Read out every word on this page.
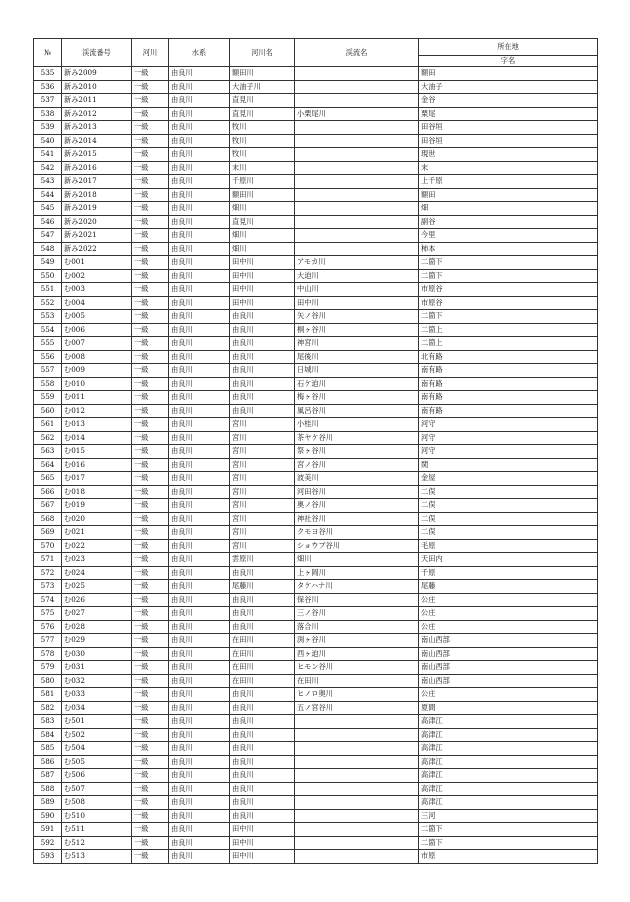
№	渓流番号	河川	水系	河川名	渓流名	所在地
						字名
535	新み2009	一級	由良川	額田川		額田
536	新み2010	一級	由良川	大油子川		大油子
537	新み2011	一級	由良川	直見川		金谷
538	新み2012	一級	由良川	直見川	小栗尾川	栗尾
539	新み2013	一級	由良川	牧川		田谷垣
540	新み2014	一級	由良川	牧川		田谷垣
541	新み2015	一級	由良川	牧川		現世
542	新み2016	一級	由良川	末川		末
543	新み2017	一級	由良川	千原川		上千原
544	新み2018	一級	由良川	額田川		額田
545	新み2019	一級	由良川	畑川		畑
546	新み2020	一級	由良川	直見川		副谷
547	新み2021	一級	由良川	畑川		今里
548	新み2022	一級	由良川	畑川		柿本
549	む001	一級	由良川	田中川	アモカ川	二箇下
550	む002	一級	由良川	田中川	大迫川	二箇下
551	む003	一級	由良川	田中川	中山川	市原谷
552	む004	一級	由良川	田中川	田中川	市原谷
553	む005	一級	由良川	由良川	矢ノ谷川	二箇下
554	む006	一級	由良川	由良川	桐ヶ谷川	二箇上
555	む007	一級	由良川	由良川	神宮川	二箇上
556	む008	一級	由良川	由良川	尾後川	北有路
557	む009	一級	由良川	由良川	日城川	南有路
558	む010	一級	由良川	由良川	石ケ迫川	南有路
559	む011	一級	由良川	由良川	梅ヶ谷川	南有路
560	む012	一級	由良川	由良川	風呂谷川	南有路
561	む013	一級	由良川	宮川	小桂川	河守
562	む014	一級	由良川	宮川	茶ヤケ谷川	河守
563	む015	一級	由良川	宮川	祭ヶ谷川	河守
564	む016	一級	由良川	宮川	宮ノ谷川	関
565	む017	一級	由良川	宮川	波美川	金屋
566	む018	一級	由良川	宮川	河田谷川	二俣
567	む019	一級	由良川	宮川	奥ノ谷川	二俣
568	む020	一級	由良川	宮川	神社谷川	二俣
569	む021	一級	由良川	宮川	クモヨ谷川	二俣
570	む022	一級	由良川	宮川	ショウブ谷川	毛原
571	む023	一級	由良川	雲原川	畑川	天田内
572	む024	一級	由良川	由良川	上ヶ岡川	千原
573	む025	一級	由良川	尾藤川	タケハナ川	尾藤
574	む026	一級	由良川	由良川	保谷川	公庄
575	む027	一級	由良川	由良川	三ノ谷川	公庄
576	む028	一級	由良川	由良川	落合川	公庄
577	む029	一級	由良川	在田川	渕ヶ谷川	南山西部
578	む030	一級	由良川	在田川	西ヶ迫川	南山西部
579	む031	一級	由良川	在田川	ヒモン谷川	南山西部
580	む032	一級	由良川	在田川	在田川	南山西部
581	む033	一級	由良川	由良川	ヒノロ奥川	公庄
582	む034	一級	由良川	由良川	五ノ宮谷川	夏間
583	む501	一級	由良川	由良川		高津江
584	む502	一級	由良川	由良川		高津江
585	む504	一級	由良川	由良川		高津江
586	む505	一級	由良川	由良川		高津江
587	む506	一級	由良川	由良川		高津江
588	む507	一級	由良川	由良川		高津江
589	む508	一級	由良川	由良川		高津江
590	む510	一級	由良川	由良川		三河
591	む511	一級	由良川	田中川		二箇下
592	む512	一級	由良川	田中川		二箇下
593	む513	一級	由良川	田中川		市原
